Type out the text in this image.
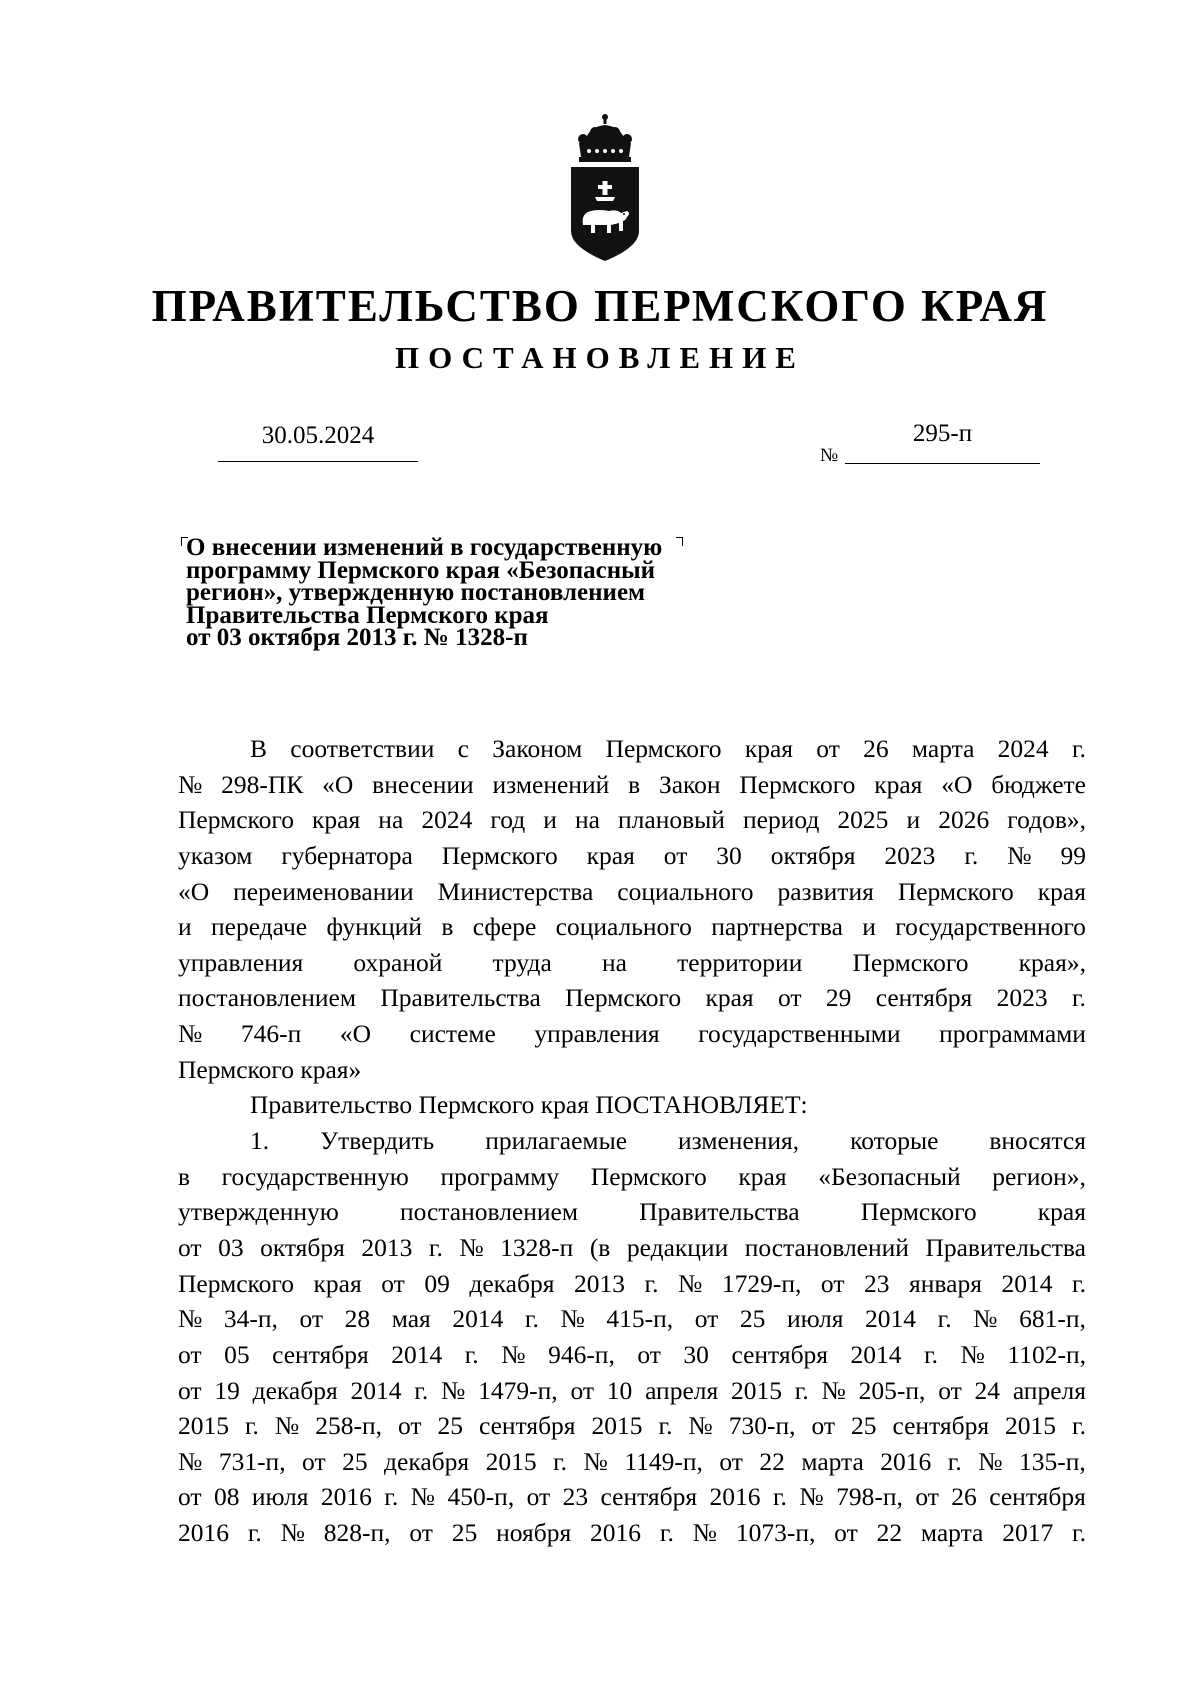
ПРАВИТЕЛЬСТВО ПЕРМСКОГО КРАЯ
ПОСТАНОВЛЕНИЕ
30.05.2024
№
295-п
О внесении изменений в государственную
программу Пермского края «Безопасный
регион», утвержденную постановлением
Правительства Пермского края
от 03 октября 2013 г. № 1328-п
В соответствии с Законом Пермского края от 26 марта 2024 г.
№ 298-ПК «О внесении изменений в Закон Пермского края «О бюджете
Пермского края на 2024 год и на плановый период 2025 и 2026 годов»,
указом губернатора Пермского края от 30 октября 2023 г. № 99
«О переименовании Министерства социального развития Пермского края
и передаче функций в сфере социального партнерства и государственного
управления охраной труда на территории Пермского края»,
постановлением Правительства Пермского края от 29 сентября 2023 г.
№ 746-п «О системе управления государственными программами
Пермского края»
Правительство Пермского края ПОСТАНОВЛЯЕТ:
1. Утвердить прилагаемые изменения, которые вносятся
в государственную программу Пермского края «Безопасный регион»,
утвержденную постановлением Правительства Пермского края
от 03 октября 2013 г. № 1328-п (в редакции постановлений Правительства
Пермского края от 09 декабря 2013 г. № 1729-п, от 23 января 2014 г.
№ 34-п, от 28 мая 2014 г. № 415-п, от 25 июля 2014 г. № 681-п,
от 05 сентября 2014 г. № 946-п, от 30 сентября 2014 г. № 1102-п,
от 19 декабря 2014 г. № 1479-п, от 10 апреля 2015 г. № 205-п, от 24 апреля
2015 г. № 258-п, от 25 сентября 2015 г. № 730-п, от 25 сентября 2015 г.
№ 731-п, от 25 декабря 2015 г. № 1149-п, от 22 марта 2016 г. № 135-п,
от 08 июля 2016 г. № 450-п, от 23 сентября 2016 г. № 798-п, от 26 сентября
2016 г. № 828-п, от 25 ноября 2016 г. № 1073-п, от 22 марта 2017 г.
